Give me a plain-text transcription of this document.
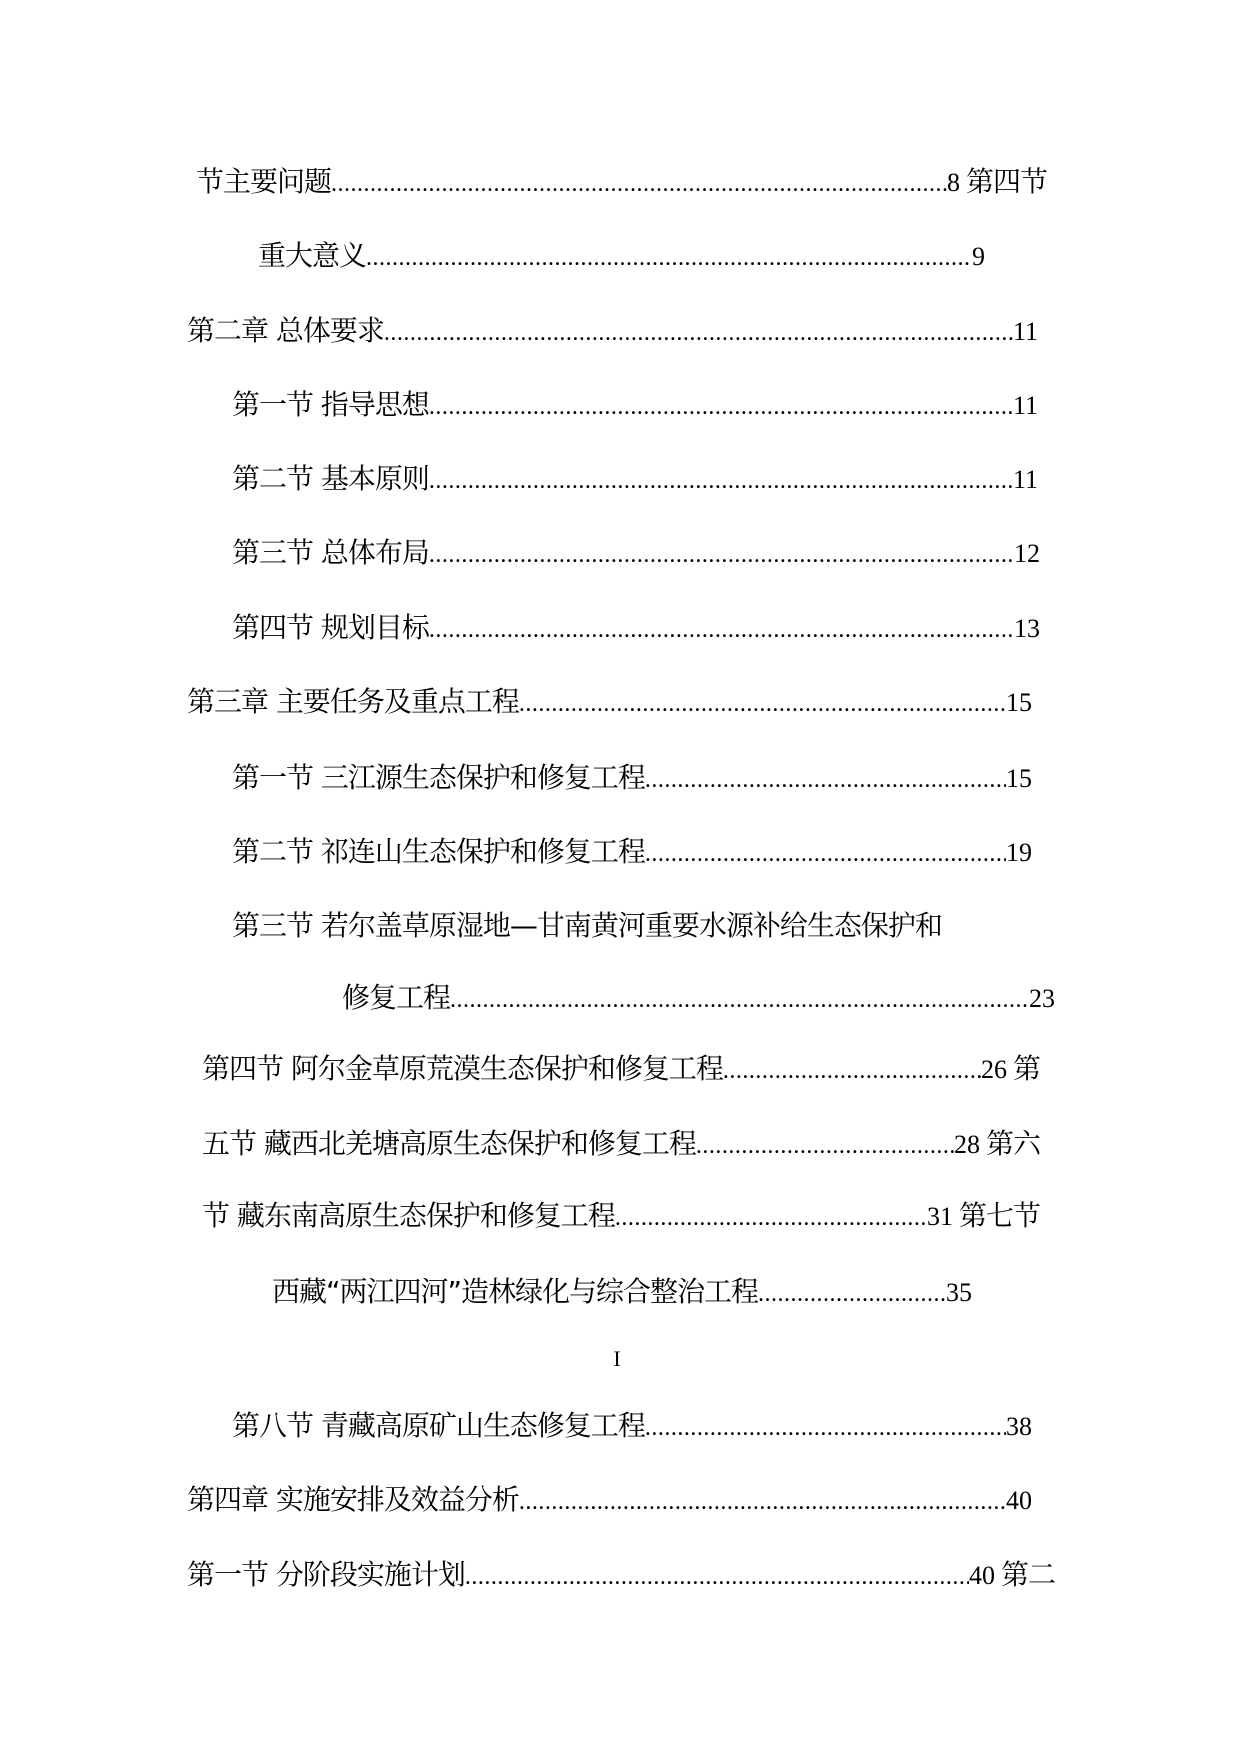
节主要问题 .....	8 第四节
重大意义 .....	9
第二章 总体要求 .....	11
第一节 指导思想 .....	11
第二节 基本原则 .....	11
第三节 总体布局 .....	12
第四节 规划目标 .....	13
第三章 主要任务及重点工程 .....	15
第一节 三江源生态保护和修复工程 .....	15
第二节 祁连山生态保护和修复工程 .....	19
第三节 若尔盖草原湿地—甘南黄河重要水源补给生态保护和
修复工程 .....	23
第四节 阿尔金草原荒漠生态保护和修复工程 .....	26 第
五节 藏西北羌塘高原生态保护和修复工程 .....	28 第六
节 藏东南高原生态保护和修复工程 .....	31 第七节
西藏“两江四河”造林绿化与综合整治工程 .....	35
I
第八节 青藏高原矿山生态修复工程 .....	38
第四章 实施安排及效益分析 .....	40
第一节 分阶段实施计划 .....	40 第二
